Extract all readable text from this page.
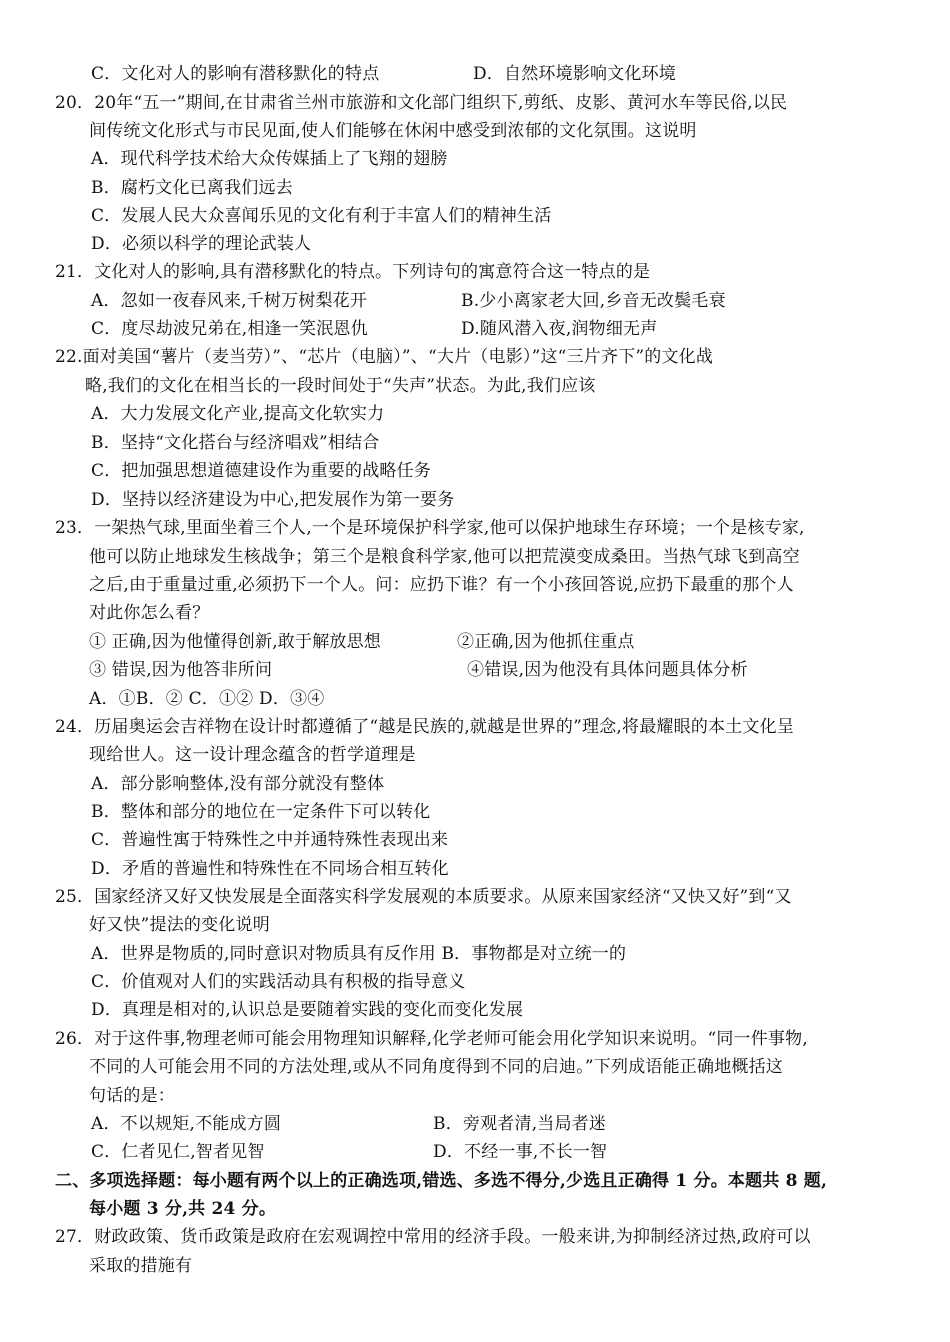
C．文化对人的影响有潜移默化的特点	D．自然环境影响文化环境
20．20年“五一”期间,在甘肃省兰州市旅游和文化部门组织下,剪纸、皮影、黄河水车等民俗,以民
间传统文化形式与市民见面,使人们能够在休闲中感受到浓郁的文化氛围。这说明
A．现代科学技术给大众传媒插上了飞翔的翅膀
B．腐朽文化已离我们远去
C．发展人民大众喜闻乐见的文化有利于丰富人们的精神生活
D．必须以科学的理论武装人
21．文化对人的影响,具有潜移默化的特点。下列诗句的寓意符合这一特点的是
A．忽如一夜春风来,千树万树梨花开	B.少小离家老大回,乡音无改鬓毛衰
C．度尽劫波兄弟在,相逢一笑泯恩仇	D.随风潜入夜,润物细无声
22.面对美国“薯片（麦当劳）”、“芯片（电脑）”、“大片（电影）”这“三片齐下”的文化战
略,我们的文化在相当长的一段时间处于“失声”状态。为此,我们应该
A．大力发展文化产业,提高文化软实力
B．坚持“文化搭台与经济唱戏”相结合
C．把加强思想道德建设作为重要的战略任务
D．坚持以经济建设为中心,把发展作为第一要务
23．一架热气球,里面坐着三个人,一个是环境保护科学家,他可以保护地球生存环境；一个是核专家,
他可以防止地球发生核战争；第三个是粮食科学家,他可以把荒漠变成桑田。当热气球飞到高空
之后,由于重量过重,必须扔下一个人。问：应扔下谁？有一个小孩回答说,应扔下最重的那个人
对此你怎么看？
① 正确,因为他懂得创新,敢于解放思想	②正确,因为他抓住重点
③ 错误,因为他答非所问	④错误,因为他没有具体问题具体分析
A．①B．② C．①② D．③④
24．历届奥运会吉祥物在设计时都遵循了“越是民族的,就越是世界的”理念,将最耀眼的本土文化呈
现给世人。这一设计理念蕴含的哲学道理是
A．部分影响整体,没有部分就没有整体
B．整体和部分的地位在一定条件下可以转化
C．普遍性寓于特殊性之中并通特殊性表现出来
D．矛盾的普遍性和特殊性在不同场合相互转化
25．国家经济又好又快发展是全面落实科学发展观的本质要求。从原来国家经济“又快又好”到“又
好又快”提法的变化说明
A．世界是物质的,同时意识对物质具有反作用 B．事物都是对立统一的
C．价值观对人们的实践活动具有积极的指导意义
D．真理是相对的,认识总是要随着实践的变化而变化发展
26．对于这件事,物理老师可能会用物理知识解释,化学老师可能会用化学知识来说明。“同一件事物,
不同的人可能会用不同的方法处理,或从不同角度得到不同的启迪。”下列成语能正确地概括这
句话的是：
A．不以规矩,不能成方圆	B．旁观者清,当局者迷
C．仁者见仁,智者见智	D．不经一事,不长一智
二、多项选择题：每小题有两个以上的正确选项,错选、多选不得分,少选且正确得 1 分。本题共 8 题,
每小题 3 分,共 24 分。
27．财政政策、货币政策是政府在宏观调控中常用的经济手段。一般来讲,为抑制经济过热,政府可以
采取的措施有
